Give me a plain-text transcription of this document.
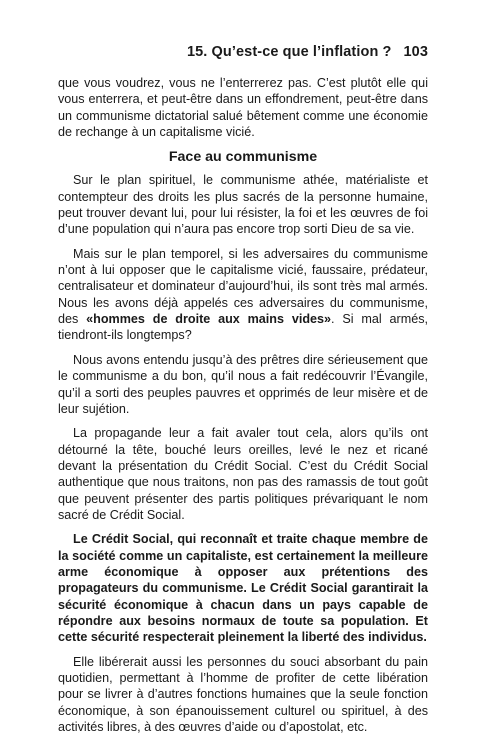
15. Qu’est-ce que l’inflation ? 103

que vous voudrez, vous ne l’enterrerez pas. C’est plutôt elle qui vous enterrera, et peut-être dans un effondrement, peut-être dans un communisme dictatorial salué bêtement comme une économie de rechange à un capitalisme vicié.

Face au communisme

Sur le plan spirituel, le communisme athée, matérialiste et contempteur des droits les plus sacrés de la personne humaine, peut trouver devant lui, pour lui résister, la foi et les œuvres de foi d’une population qui n’aura pas encore trop sorti Dieu de sa vie.

Mais sur le plan temporel, si les adversaires du communisme n’ont à lui opposer que le capitalisme vicié, faussaire, prédateur, centralisateur et dominateur d’aujourd’hui, ils sont très mal armés. Nous les avons déjà appelés ces adversaires du communisme, des «hommes de droite aux mains vides». Si mal armés, tiendront-ils longtemps?

Nous avons entendu jusqu’à des prêtres dire sérieusement que le communisme a du bon, qu’il nous a fait redécouvrir l’Évangile, qu’il a sorti des peuples pauvres et opprimés de leur misère et de leur sujétion.

La propagande leur a fait avaler tout cela, alors qu’ils ont détourné la tête, bouché leurs oreilles, levé le nez et ricané devant la présentation du Crédit Social. C’est du Crédit Social authentique que nous traitons, non pas des ramassis de tout goût que peuvent présenter des partis politiques prévariquant le nom sacré de Crédit Social.

Le Crédit Social, qui reconnaît et traite chaque membre de la société comme un capitaliste, est certainement la meilleure arme économique à opposer aux prétentions des propagateurs du communisme. Le Crédit Social garantirait la sécurité économique à chacun dans un pays capable de répondre aux besoins normaux de toute sa population. Et cette sécurité respecterait pleinement la liberté des individus.

Elle libérerait aussi les personnes du souci absorbant du pain quotidien, permettant à l’homme de profiter de cette libération pour se livrer à d’autres fonctions humaines que la seule fonction économique, à son épanouissement culturel ou spirituel, à des activités libres, à des œuvres d’aide ou d’apostolat, etc.
